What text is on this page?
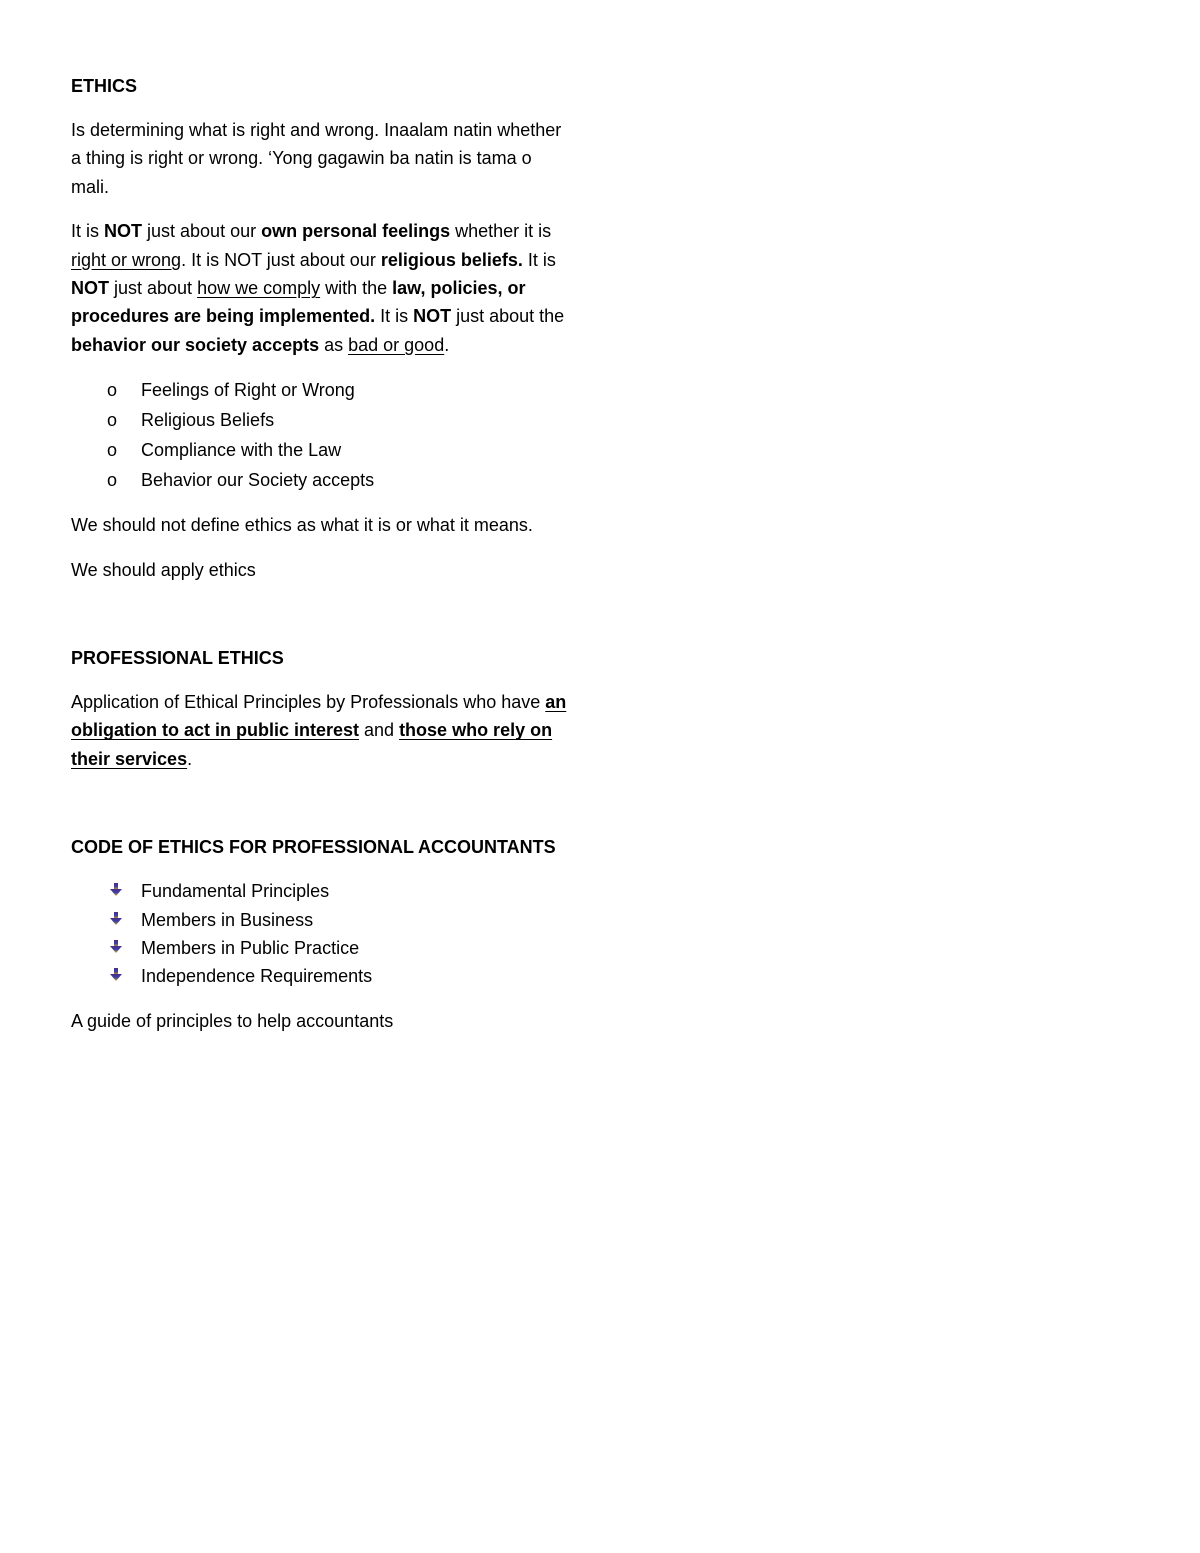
ETHICS

Is determining what is right and wrong. Inaalam natin whether a thing is right or wrong. ‘Yong gagawin ba natin is tama o mali.

It is NOT just about our own personal feelings whether it is right or wrong. It is NOT just about our religious beliefs. It is NOT just about how we comply with the law, policies, or procedures are being implemented. It is NOT just about the behavior our society accepts as bad or good.

o Feelings of Right or Wrong
o Religious Beliefs
o Compliance with the Law
o Behavior our Society accepts

We should not define ethics as what it is or what it means.

We should apply ethics

PROFESSIONAL ETHICS

Application of Ethical Principles by Professionals who have an obligation to act in public interest and those who rely on their services.

CODE OF ETHICS FOR PROFESSIONAL ACCOUNTANTS
Fundamental Principles
Members in Business
Members in Public Practice
Independence Requirements

A guide of principles to help accountants
